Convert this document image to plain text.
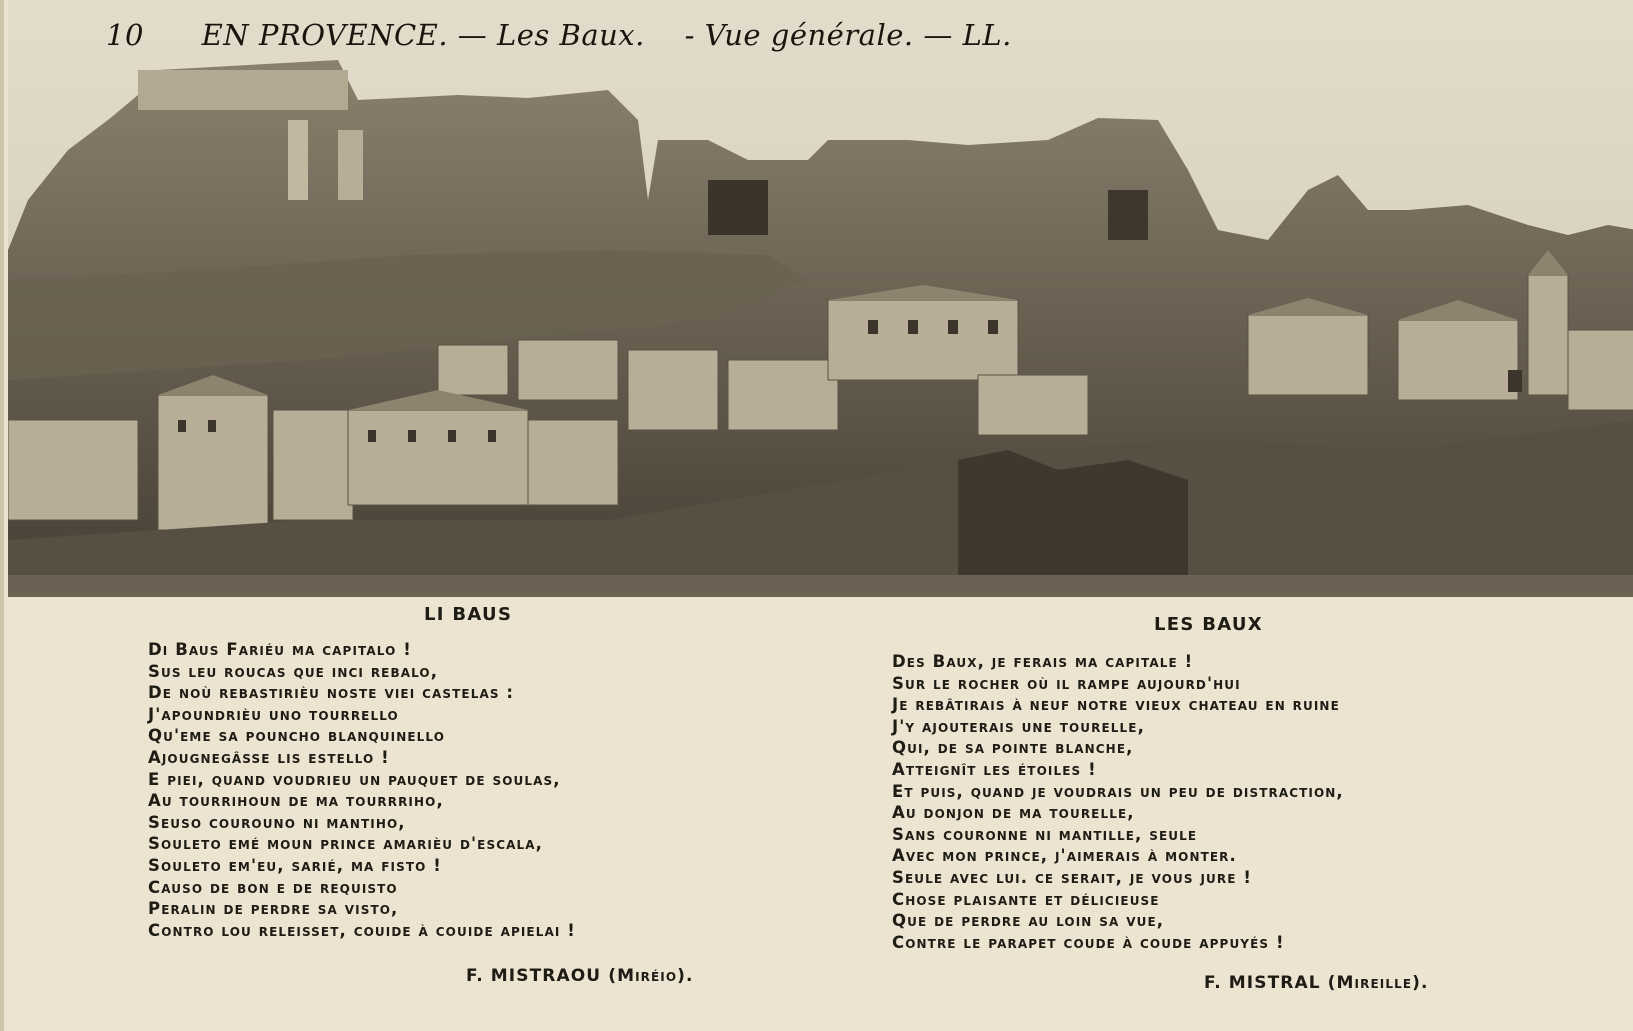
10 EN PROVENCE. — Les Baux. - Vue générale. — LL.
LI BAUS
Di Baus Fariéu ma capitalo !
Sus leu roucas que inci rebalo,
De noù rebastirièu noste viei castelas :
J'apoundrièu uno tourrello
Qu'eme sa pouncho blanquinello
Ajougnegâsse lis estello !
E piei, quand voudrieu un pauquet de soulas,
Au tourrihoun de ma tourrriho,
Seuso courouno ni mantiho,
Souleto emé moun prince amarièu d'escala,
Souleto em'eu, sarié, ma fisto !
Causo de bon e de requisto
Peralin de perdre sa visto,
Contro lou releisset, couide à couide apielai !
F. MISTRAOU (Miréio).
LES BAUX
Des Baux, je ferais ma capitale !
Sur le rocher où il rampe aujourd'hui
Je rebâtirais à neuf notre vieux chateau en ruine
J'y ajouterais une tourelle,
Qui, de sa pointe blanche,
Atteignît les étoiles !
Et puis, quand je voudrais un peu de distraction,
Au donjon de ma tourelle,
Sans couronne ni mantille, seule
Avec mon prince, j'aimerais à monter.
Seule avec lui. ce serait, je vous jure !
Chose plaisante et délicieuse
Que de perdre au loin sa vue,
Contre le parapet coude à coude appuyés !
F. MISTRAL (Mireille).
